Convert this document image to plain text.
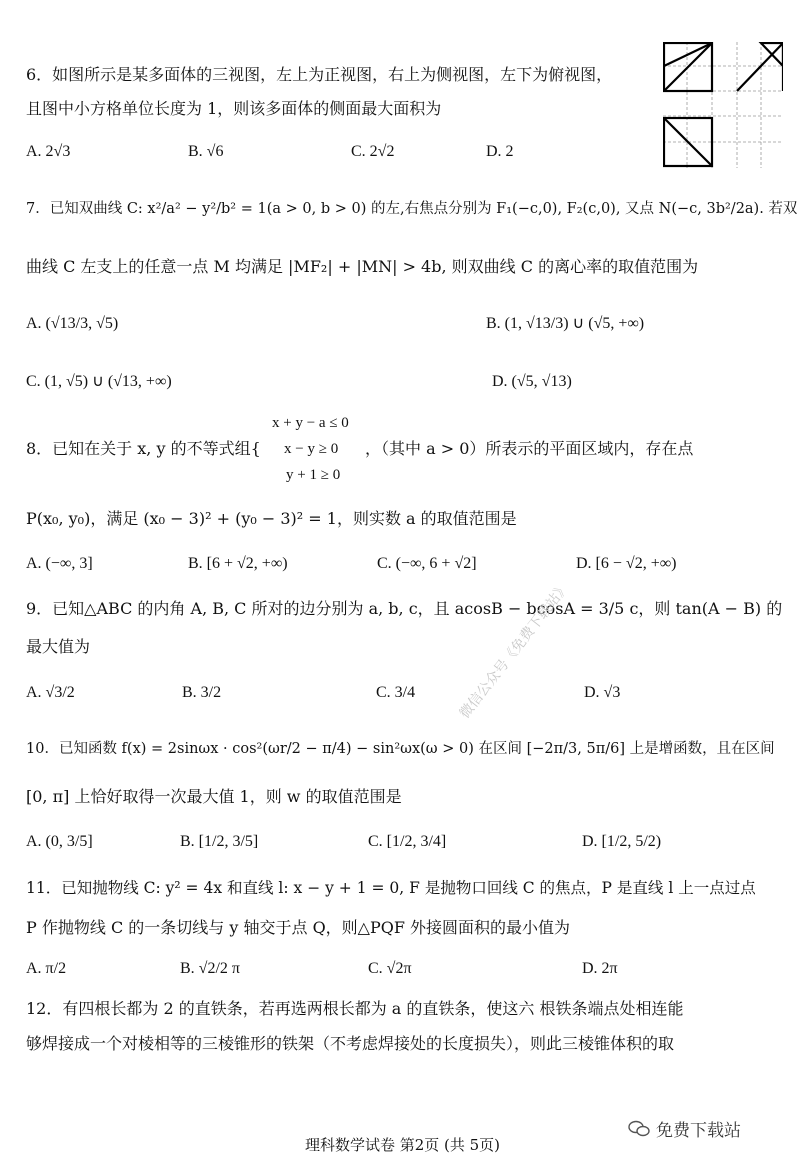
6．如图所示是某多面体的三视图，左上为正视图，右上为侧视图，左下为俯视图，
且图中小方格单位长度为 1，则该多面体的侧面最大面积为
A. 2√3	B. √6	C. 2√2	D. 2
7．已知双曲线 C: x²/a² − y²/b² = 1(a > 0, b > 0) 的左,右焦点分别为 F₁(−c,0), F₂(c,0), 又点 N(−c, 3b²/2a). 若双
曲线 C 左支上的任意一点 M 均满足 |MF₂| + |MN| > 4b, 则双曲线 C 的离心率的取值范围为
A. (√13/3, √5)	B. (1, √13/3) ∪ (√5, +∞)
C. (1, √5) ∪ (√13, +∞)	D. (√5, √13)
x + y − a ≤ 0
x − y ≥ 0
y + 1 ≥ 0
8．已知在关于 x, y 的不等式组{	，（其中 a > 0）所表示的平面区域内，存在点
P(x₀, y₀)，满足 (x₀ − 3)² + (y₀ − 3)² = 1，则实数 a 的取值范围是
A. (−∞, 3]	B. [6 + √2, +∞)	C. (−∞, 6 + √2]	D. [6 − √2, +∞)
9．已知△ABC 的内角 A, B, C 所对的边分别为 a, b, c，且 acosB − bcosA = 3/5 c，则 tan(A − B) 的
最大值为
A. √3/2	B. 3/2	C. 3/4	D. √3
10．已知函数 f(x) = 2sinωx · cos²(ωr/2 − π/4) − sin²ωx(ω > 0) 在区间 [−2π/3, 5π/6] 上是增函数，且在区间
[0, π] 上恰好取得一次最大值 1，则 w 的取值范围是
A. (0, 3/5]	B. [1/2, 3/5]	C. [1/2, 3/4]	D. [1/2, 5/2)
11．已知抛物线 C: y² = 4x 和直线 l: x − y + 1 = 0, F 是抛物口回线 C 的焦点，P 是直线 l 上一点过点
P 作抛物线 C 的一条切线与 y 轴交于点 Q，则△PQF 外接圆面积的最小值为
A. π/2	B. √2/2 π	C. √2π	D. 2π
12．有四根长都为 2 的直铁条，若再选两根长都为 a 的直铁条，使这六 根铁条端点处相连能
够焊接成一个对棱相等的三棱锥形的铁架（不考虑焊接处的长度损失），则此三棱锥体积的取
微信公众号《免费下载站》
免费下载站
理科数学试卷 第2页 (共 5页)
